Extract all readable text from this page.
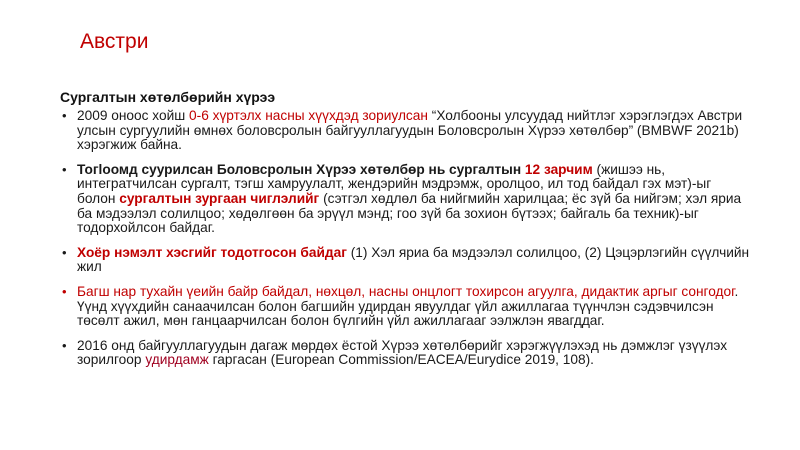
Австри
Сургалтын хөтөлбөрийн хүрээ
• 2009 оноос хойш 0-6 хүртэлх насны хүүхдэд зориулсан “Холбооны улсуудад нийтлэг хэрэглэгдэх Австри улсын сургуулийн өмнөх боловсролын байгууллагуудын Боловсролын Хүрээ хөтөлбөр” (BMBWF 2021b) хэрэгжиж байна.
• Тогloомд суурилсан Боловсролын Хүрээ хөтөлбөр нь сургалтын 12 зарчим (жишээ нь, интегратчилсан сургалт, тэгш хамруулалт, жендэрийн мэдрэмж, оролцоо, ил тод байдал гэх мэт)-ыг болон сургалтын зургаан чиглэлийг (сэтгэл хөдлөл ба нийгмийн харилцаа; ёс зүй ба нийгэм; хэл яриа ба мэдээлэл солилцоо; хөдөлгөөн ба эрүүл мэнд; гоо зүй ба зохион бүтээх; байгаль ба техник)-ыг тодорхойлсон байдаг.
• Хоёр нэмэлт хэсгийг тодотгосон байдаг (1) Хэл яриа ба мэдээлэл солилцоо, (2) Цэцэрлэгийн сүүлчийн жил
• Багш нар тухайн үеийн байр байдал, нөхцөл, насны онцлогт тохирсон агуулга, дидактик аргыг сонгодог. Үүнд хүүхдийн санаачилсан болон багшийн удирдан явуулдаг үйл ажиллагаа түүнчлэн сэдэвчилсэн төсөлт ажил, мөн ганцаарчилсан болон бүлгийн үйл ажиллагааг ээлжлэн явагддаг.
• 2016 онд байгууллагуудын дагаж мөрдөх ёстой Хүрээ хөтөлбөрийг хэрэгжүүлэхэд нь дэмжлэг үзүүлэх зорилгоор удирдамж гаргасан (European Commission/EACEA/Eurydice 2019, 108).
